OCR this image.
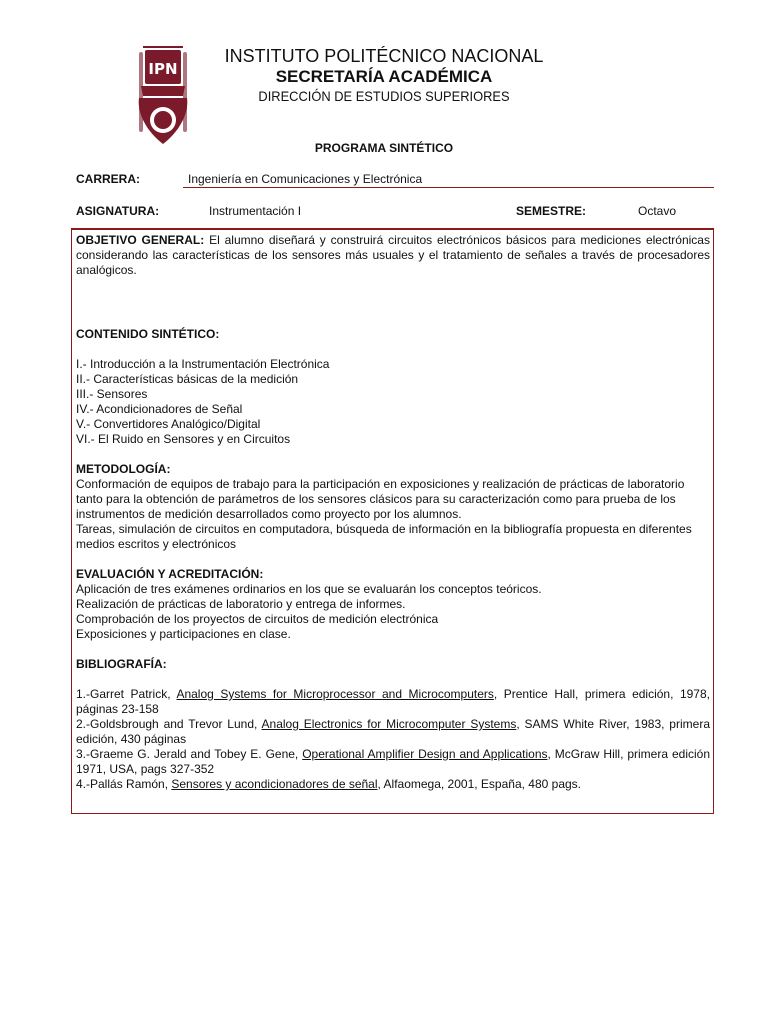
IPN
INSTITUTO POLITÉCNICO NACIONAL
SECRETARÍA ACADÉMICA
DIRECCIÓN DE ESTUDIOS SUPERIORES
PROGRAMA SINTÉTICO
CARRERA:	Ingeniería en Comunicaciones y Electrónica
ASIGNATURA:	Instrumentación I	SEMESTRE:	Octavo

OBJETIVO GENERAL: El alumno diseñará y construirá circuitos electrónicos básicos para mediciones electrónicas considerando las características de los sensores más usuales y el tratamiento de señales a través de procesadores analógicos.

CONTENIDO SINTÉTICO:

I.- Introducción a la Instrumentación Electrónica

II.- Características básicas de la medición

III.- Sensores

IV.- Acondicionadores de Señal

V.- Convertidores Analógico/Digital

VI.- El Ruido en Sensores y en Circuitos

METODOLOGÍA:

Conformación de equipos de trabajo para la participación en exposiciones y realización de prácticas de laboratorio tanto para la obtención de parámetros de los sensores clásicos para su caracterización como para prueba de los instrumentos de medición desarrollados como proyecto por los alumnos.

Tareas, simulación de circuitos en computadora, búsqueda de información en la bibliografía propuesta en diferentes medios escritos y electrónicos

EVALUACIÓN Y ACREDITACIÓN:

Aplicación de tres exámenes ordinarios en los que se evaluarán los conceptos teóricos.

Realización de prácticas de laboratorio y entrega de informes.

Comprobación de los proyectos de circuitos de medición electrónica

Exposiciones y participaciones en clase.

BIBLIOGRAFÍA:

1.-Garret Patrick, Analog Systems for Microprocessor and Microcomputers, Prentice Hall, primera edición, 1978, páginas 23-158

2.-Goldsbrough and Trevor Lund, Analog Electronics for Microcomputer Systems, SAMS White River, 1983, primera edición, 430 páginas

3.-Graeme G. Jerald and Tobey E. Gene, Operational Amplifier Design and Applications, McGraw Hill, primera edición 1971, USA, pags 327-352

4.-Pallás Ramón, Sensores y acondicionadores de señal, Alfaomega, 2001, España, 480 pags.
